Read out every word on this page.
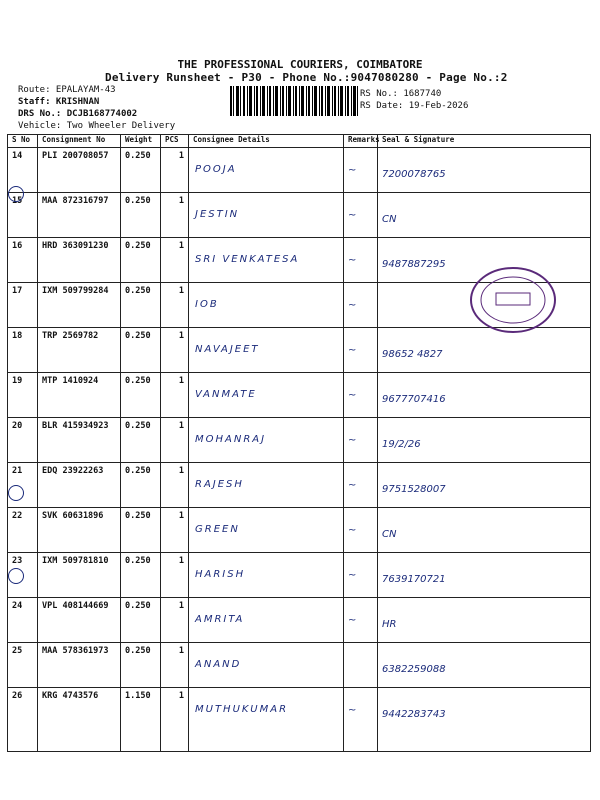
THE PROFESSIONAL COURIERS, COIMBATORE
Delivery Runsheet - P30 - Phone No.:9047080280 - Page No.:2
Route: EPALAYAM-43
Staff: KRISHNAN
DRS No.: DCJB168774002
Vehicle: Two Wheeler Delivery
RS No.: 1687740
RS Date: 19-Feb-2026
S No	Consignment No	Weight	PCS	Consignee Details	Remarks	Seal & Signature
14	PLI 200708057	0.250	1	POOJA	~	7200078765

15	MAA 872316797	0.250	1	JESTIN	~	CN

16	HRD 363091230	0.250	1	SRI VENKATESA	~	9487887295

17	IXM 509799284	0.250	1	IOB	~	

18	TRP 2569782	0.250	1	NAVAJEET	~	98652 4827

19	MTP 1410924	0.250	1	VANMATE	~	9677707416

20	BLR 415934923	0.250	1	MOHANRAJ	~	19/2/26

21	EDQ 23922263	0.250	1	RAJESH	~	9751528007

22	SVK 60631896	0.250	1	GREEN	~	CN

23	IXM 509781810	0.250	1	HARISH	~	7639170721

24	VPL 408144669	0.250	1	AMRITA	~	HR

25	MAA 578361973	0.250	1	ANAND		6382259088

26	KRG 4743576	1.150	1	MUTHUKUMAR	~	9442283743
